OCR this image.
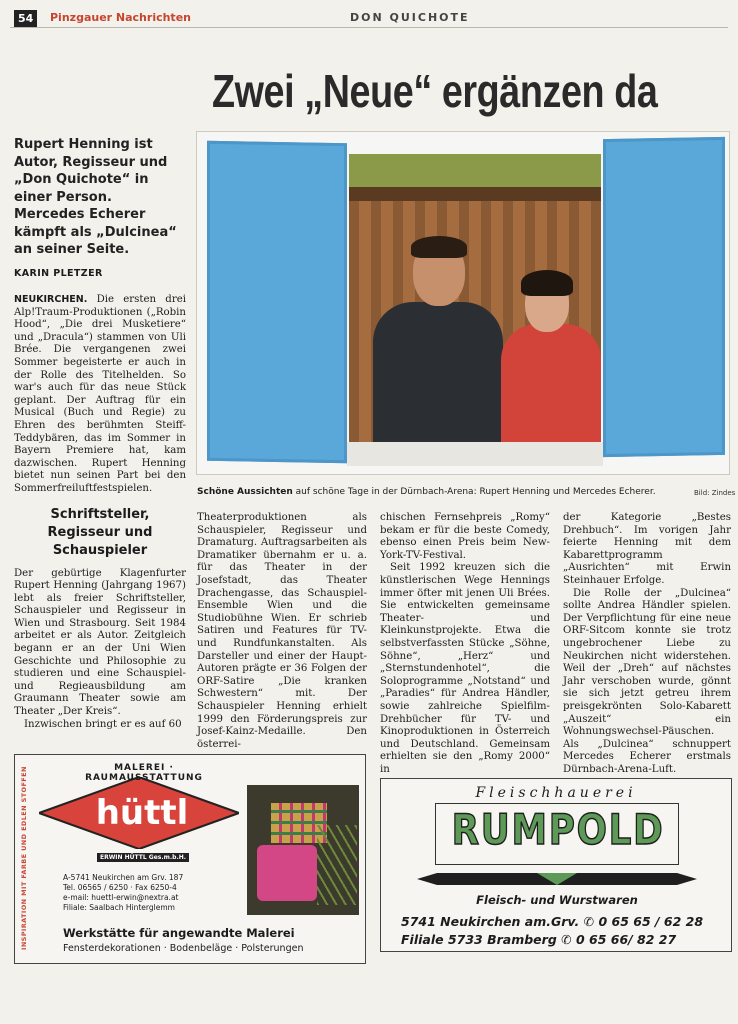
54	Pinzgauer Nachrichten	DON QUICHOTE
Zwei „Neue“ ergänzen da
Rupert Henning ist Autor, Regisseur und „Don Quichote“ in einer Person. Mercedes Echerer kämpft als „Dulcinea“ an seiner Seite.
KARIN PLETZER

NEUKIRCHEN. Die ersten drei Alp!Traum-Produktionen („Robin Hood“, „Die drei Musketiere“ und „Dracula“) stammen von Uli Brée. Die vergangenen zwei Sommer begeisterte er auch in der Rolle des Titelhelden. So war's auch für das neue Stück geplant. Der Auftrag für ein Musical (Buch und Regie) zu Ehren des berühmten Steiff-Teddybären, das im Sommer in Bayern Premiere hat, kam dazwischen. Rupert Henning bietet nun seinen Part bei den Sommerfreiluftfestspielen.

Schriftsteller, Regisseur und Schauspieler

Der gebürtige Klagenfurter Rupert Henning (Jahrgang 1967) lebt als freier Schriftsteller, Schauspieler und Regisseur in Wien und Strasbourg. Seit 1984 arbeitet er als Autor. Zeitgleich begann er an der Uni Wien Geschichte und Philosophie zu studieren und eine Schauspiel- und Regieausbildung am Graumann Theater sowie am Theater „Der Kreis“.

Inzwischen bringt er es auf 60

Schöne Aussichten auf schöne Tage in der Dürnbach-Arena: Rupert Henning und Mercedes Echerer.	Bild: Zindes

Theaterproduktionen als Schauspieler, Regisseur und Dramaturg. Auftragsarbeiten als Dramatiker übernahm er u. a. für das Theater in der Josefstadt, das Theater Drachengasse, das Schauspiel-Ensemble Wien und die Studiobühne Wien. Er schrieb Satiren und Features für TV- und Rundfunkanstalten. Als Darsteller und einer der Haupt-Autoren prägte er 36 Folgen der ORF-Satire „Die kranken Schwestern“ mit. Der Schauspieler Henning erhielt 1999 den Förderungspreis zur Josef-Kainz-Medaille. Den österrei-

chischen Fernsehpreis „Romy“ bekam er für die beste Comedy, ebenso einen Preis beim New-York-TV-Festival.

Seit 1992 kreuzen sich die künstlerischen Wege Hennings immer öfter mit jenen Uli Brées. Sie entwickelten gemeinsame Theater- und Kleinkunstprojekte. Etwa die selbstverfassten Stücke „Söhne, Söhne“, „Herz“ und „Sternstundenhotel“, die Soloprogramme „Notstand“ und „Paradies“ für Andrea Händler, sowie zahlreiche Spielfilm-Drehbücher für TV- und Kinoproduktionen in Österreich und Deutschland. Gemeinsam erhielten sie den „Romy 2000“ in

der Kategorie „Bestes Drehbuch“. Im vorigen Jahr feierte Henning mit dem Kabarettprogramm „Ausrichten“ mit Erwin Steinhauer Erfolge.

Die Rolle der „Dulcinea“ sollte Andrea Händler spielen. Der Verpflichtung für eine neue ORF-Sitcom konnte sie trotz ungebrochener Liebe zu Neukirchen nicht widerstehen. Weil der „Dreh“ auf nächstes Jahr verschoben wurde, gönnt sie sich jetzt getreu ihrem preisgekrönten Solo-Kabarett „Auszeit“ ein Wohnungswechsel-Päuschen. Als „Dulcinea“ schnuppert Mercedes Echerer erstmals Dürnbach-Arena-Luft.

INSPIRATION MIT FARBE UND EDLEN STOFFEN	MALEREI · RAUMAUSSTATTUNG
hüttl
ERWIN HÜTTL Ges.m.b.H.
A-5741 Neukirchen am Grv. 187
Tel. 06565 / 6250 · Fax 6250-4
e-mail: huettl-erwin@nextra.at
Filiale: Saalbach Hinterglemm
Werkstätte für angewandte Malerei
Fensterdekorationen · Bodenbeläge · Polsterungen
Fleischhauerei
RUMPOLD
Fleisch- und Wurstwaren
5741 Neukirchen am.Grv. ✆ 0 65 65 / 62 28
Filiale 5733 Bramberg ✆ 0 65 66/ 82 27
